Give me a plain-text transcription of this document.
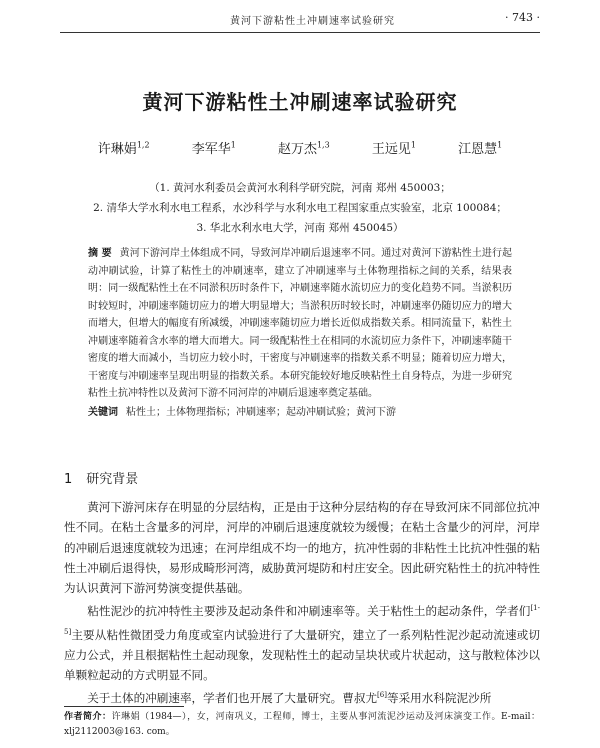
黄河下游粘性土冲刷速率试验研究	· 743 ·
黄河下游粘性土冲刷速率试验研究
许琳娟$^{1,2}$	李军华$^1$	赵万杰$^{1,3}$	王远见$^1$	江恩慧$^1$
（1. 黄河水利委员会黄河水利科学研究院，河南 郑州 450003；
2. 清华大学水利水电工程系，水沙科学与水利水电工程国家重点实验室，北京 100084；
3. 华北水利水电大学，河南 郑州 450045）
摘 要 黄河下游河岸土体组成不同，导致河岸冲刷后退速率不同。通过对黄河下游粘性土进行起动冲刷试验，计算了粘性土的冲刷速率，建立了冲刷速率与土体物理指标之间的关系，结果表明：同一级配粘性土在不同淤积历时条件下，冲刷速率随水流切应力的变化趋势不同。当淤积历时较短时，冲刷速率随切应力的增大明显增大；当淤积历时较长时，冲刷速率仍随切应力的增大而增大，但增大的幅度有所减缓，冲刷速率随切应力增长近似成指数关系。相同流量下，粘性土冲刷速率随着含水率的增大而增大。同一级配粘性土在相同的水流切应力条件下，冲刷速率随干密度的增大而减小，当切应力较小时，干密度与冲刷速率的指数关系不明显；随着切应力增大，干密度与冲刷速率呈现出明显的指数关系。本研究能较好地反映粘性土自身特点，为进一步研究粘性土抗冲特性以及黄河下游不同河岸的冲刷后退速率奠定基础。
关键词 粘性土；土体物理指标；冲刷速率；起动冲刷试验；黄河下游
1 研究背景

黄河下游河床存在明显的分层结构，正是由于这种分层结构的存在导致河床不同部位抗冲性不同。在粘土含量多的河岸，河岸的冲刷后退速度就较为缓慢；在粘土含量少的河岸，河岸的冲刷后退速度就较为迅速；在河岸组成不均一的地方，抗冲性弱的非粘性土比抗冲性强的粘性土冲刷后退得快，易形成畸形河湾，威胁黄河堤防和村庄安全。因此研究粘性土的抗冲特性为认识黄河下游河势演变提供基础。

粘性泥沙的抗冲特性主要涉及起动条件和冲刷速率等。关于粘性土的起动条件，学者们[1-5]主要从粘性微团受力角度或室内试验进行了大量研究，建立了一系列粘性泥沙起动流速或切应力公式，并且根据粘性土起动现象，发现粘性土的起动呈块状或片状起动，这与散粒体沙以单颗粒起动的方式明显不同。

关于土体的冲刷速率，学者们也开展了大量研究。曹叔尤[6]等采用水科院泥沙所

作者简介：许琳娟（1984—），女，河南巩义，工程师，博士，主要从事河流泥沙运动及河床演变工作。E-mail：xlj2112003@163. com。
